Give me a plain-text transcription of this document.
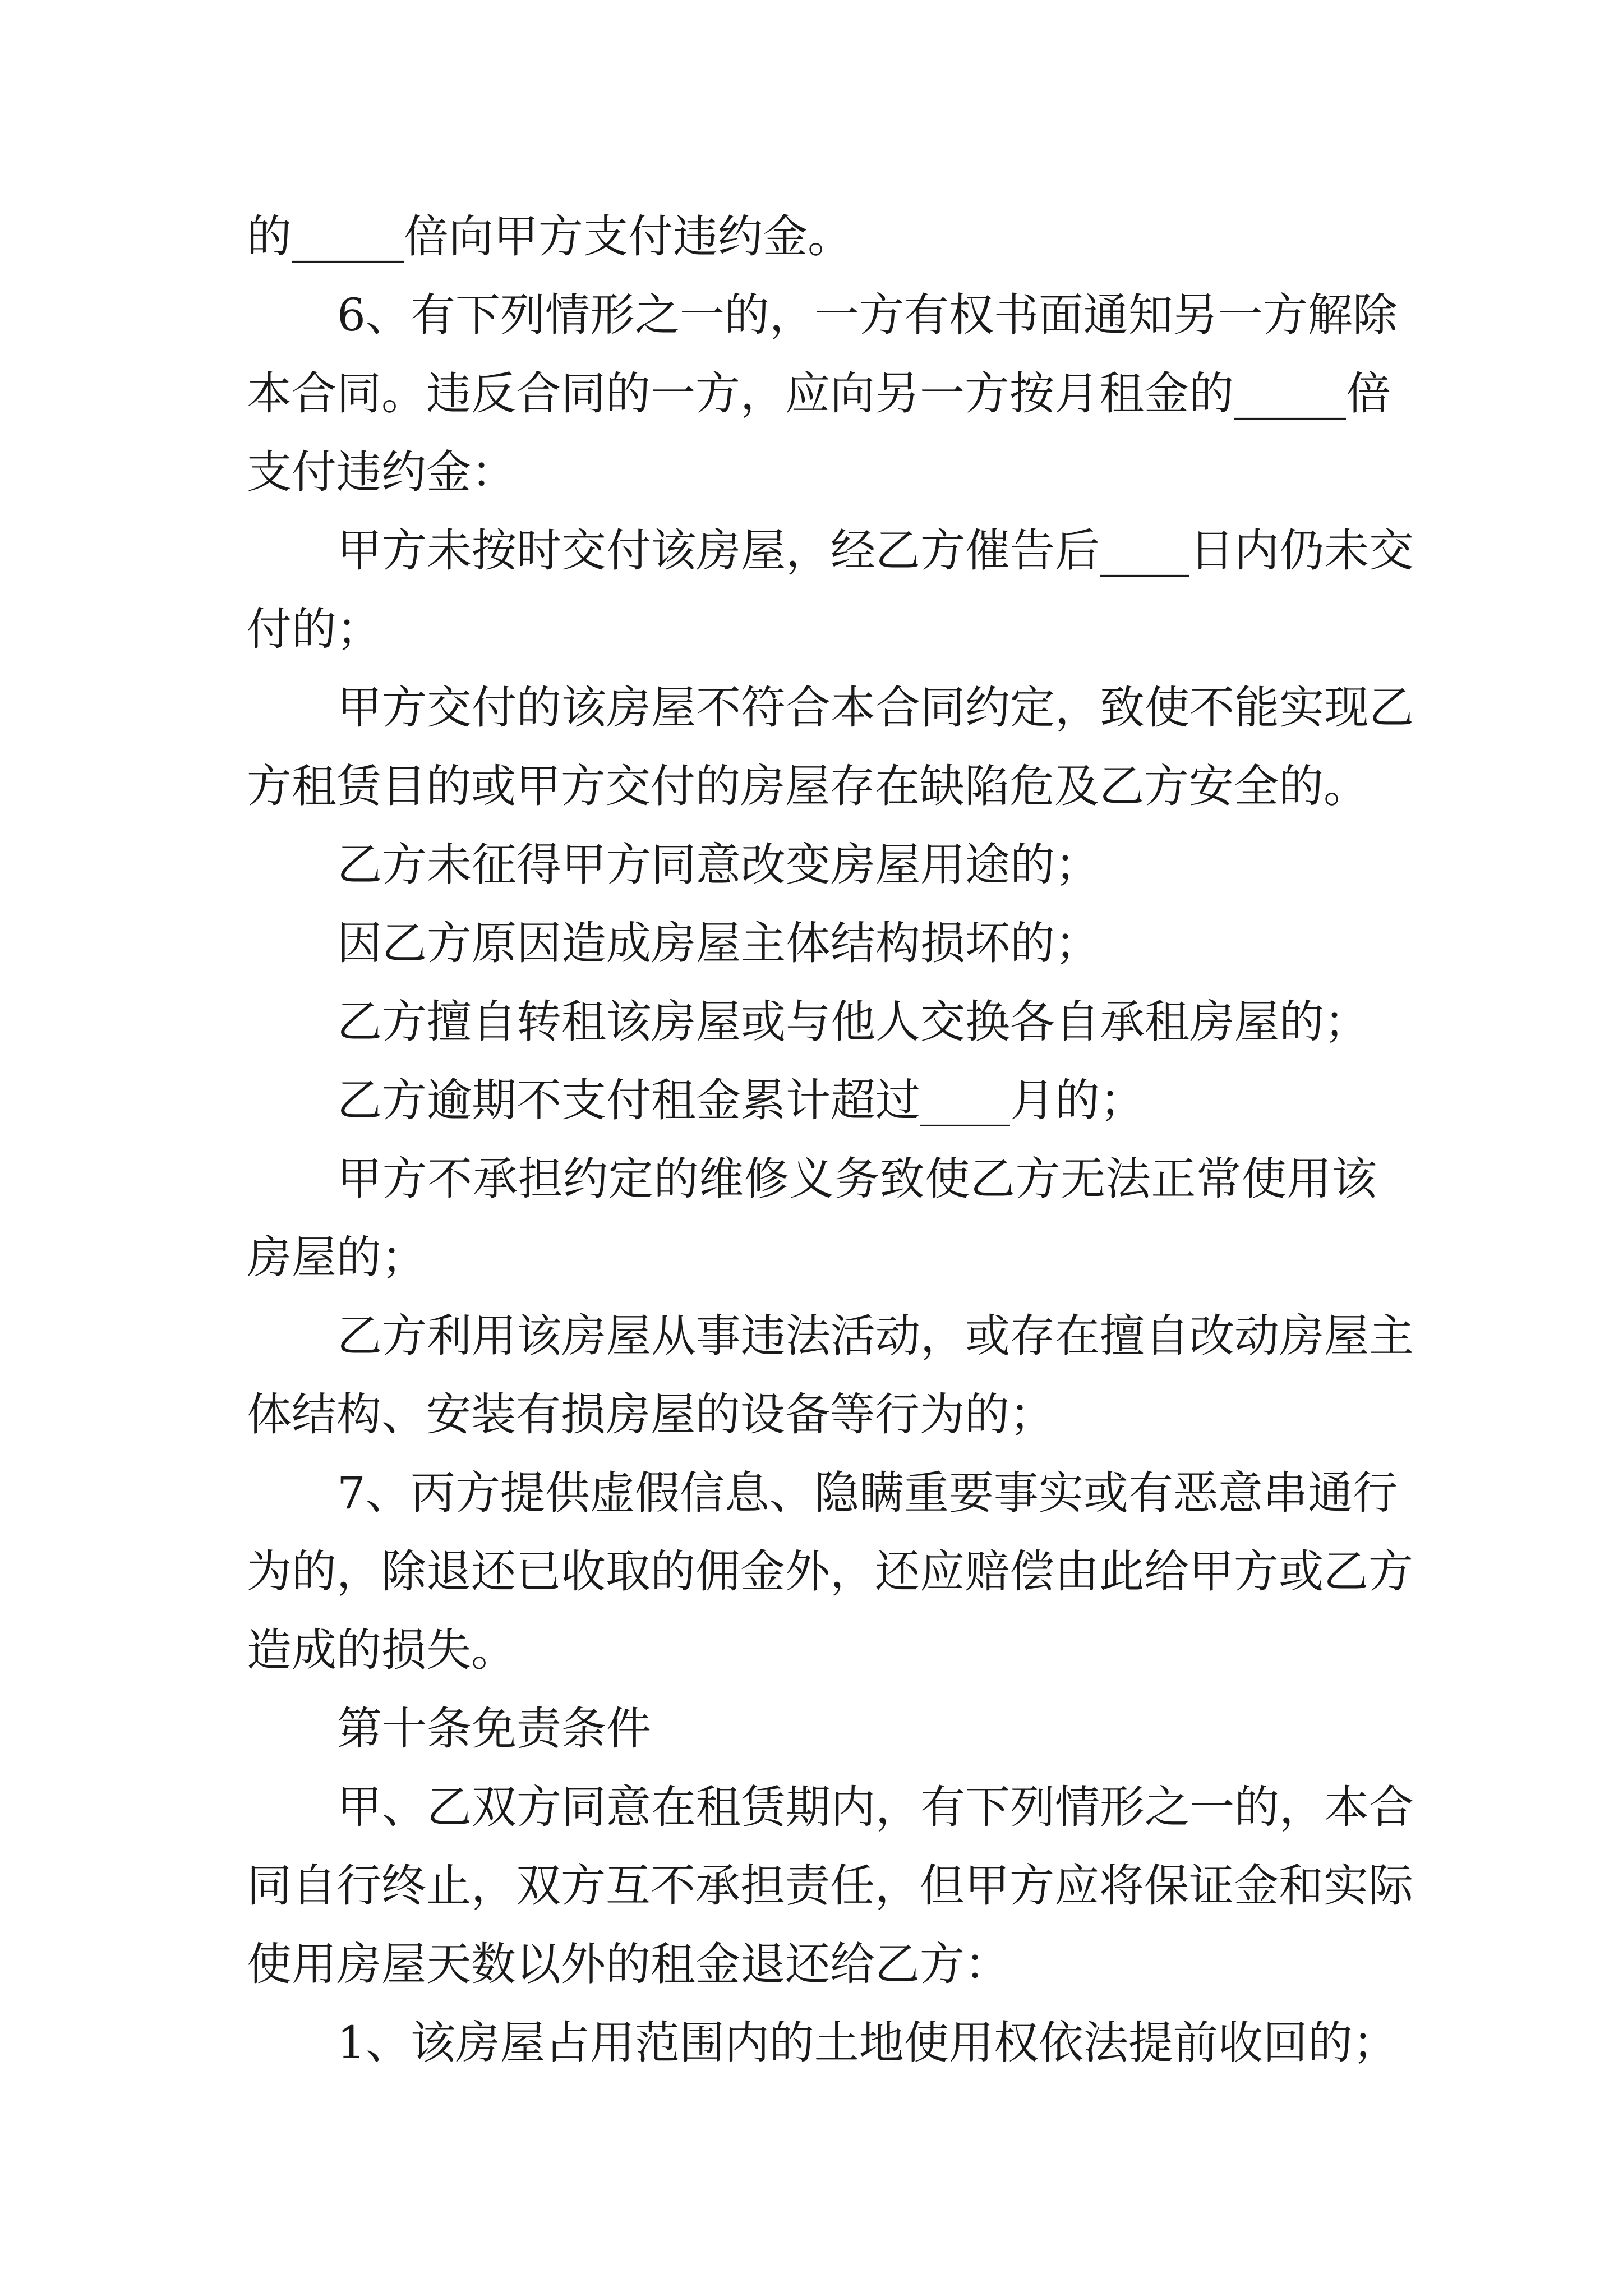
的_____倍向甲方支付违约金。
6、有下列情形之一的，一方有权书面通知另一方解除
本合同。违反合同的一方，应向另一方按月租金的_____倍
支付违约金：
甲方未按时交付该房屋，经乙方催告后____日内仍未交
付的；
甲方交付的该房屋不符合本合同约定，致使不能实现乙
方租赁目的或甲方交付的房屋存在缺陷危及乙方安全的。
乙方未征得甲方同意改变房屋用途的；
因乙方原因造成房屋主体结构损坏的；
乙方擅自转租该房屋或与他人交换各自承租房屋的；
乙方逾期不支付租金累计超过____月的；
甲方不承担约定的维修义务致使乙方无法正常使用该
房屋的；
乙方利用该房屋从事违法活动，或存在擅自改动房屋主
体结构、安装有损房屋的设备等行为的；
7、丙方提供虚假信息、隐瞒重要事实或有恶意串通行
为的，除退还已收取的佣金外，还应赔偿由此给甲方或乙方
造成的损失。
第十条免责条件
甲、乙双方同意在租赁期内，有下列情形之一的，本合
同自行终止，双方互不承担责任，但甲方应将保证金和实际
使用房屋天数以外的租金退还给乙方：
1、该房屋占用范围内的土地使用权依法提前收回的；
